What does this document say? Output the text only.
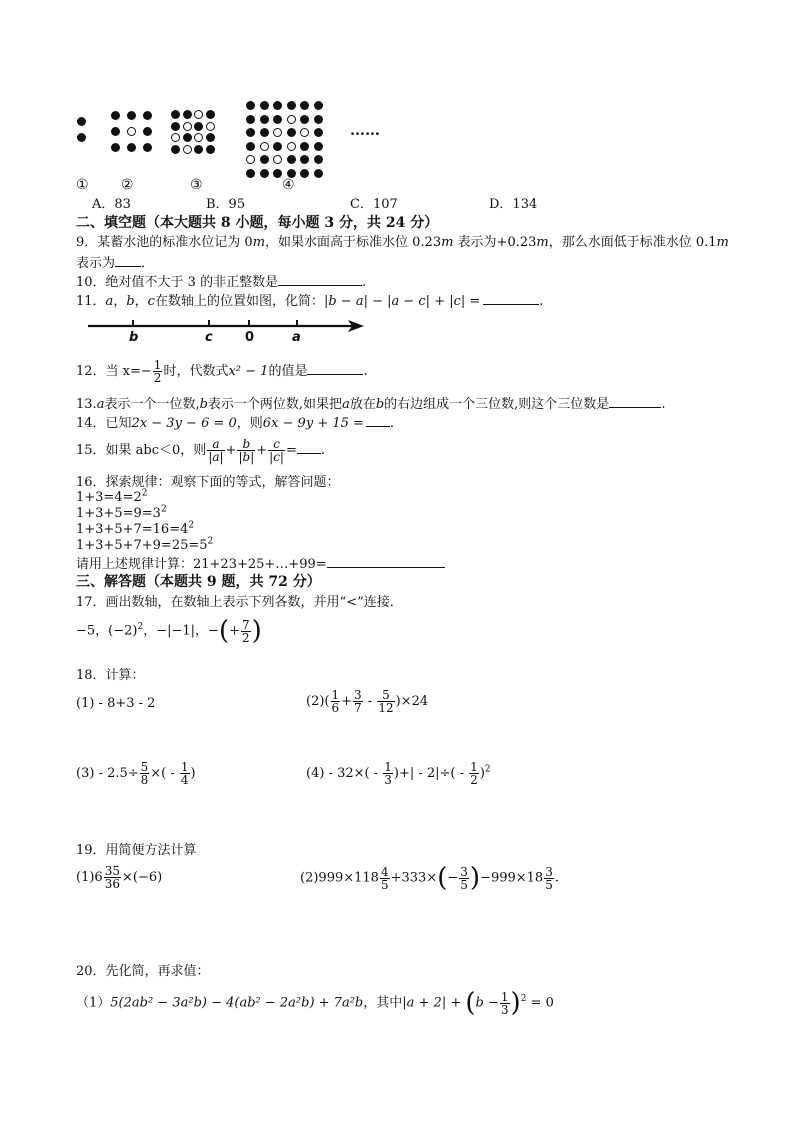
……
① ②	③	④
A．83	B．95	C．107	D．134
二、填空题（本大题共 8 小题，每小题 3 分，共 24 分）
9．某蓄水池的标准水位记为 0m，如果水面高于标准水位 0.23m 表示为+0.23m，那么水面低于标准水位 0.1m
表示为 ．
10．绝对值不大于 3 的非正整数是	.
11．a，b，c在数轴上的位置如图，化简：|b − a| − |a − c| + |c| =	.
b	c 0	a
12．当 $x=- \frac{1}{2}$ 时，代数式x² − 1的值是	.
13.a表示一个一位数,b表示一个两位数,如果把a放在b的右边组成一个三位数,则这个三位数是	.
14．已知2x − 3y − 6 = 0，则6x − 9y + 15 = .
15．如果 abc＜0，则 $\frac{a}{|a|} + \frac{b}{|b|} + \frac{c}{|c|}$ = .
16．探索规律：观察下面的等式，解答问题：
$1+3=4=2^2$
$1+3+5=9=3^2$
$1+3+5+7=16=4^2$
$1+3+5+7+9=25=5^2$
请用上述规律计算：21+23+25+…+99=
三、解答题（本题共 9 题，共 72 分）
17．画出数轴，在数轴上表示下列各数，并用“<”连接．
−5，$(-2)^2$，−|−1|，−(+ $\frac{7}{2}$ )
18．计算：
(1) - 8+3 - 2	$(2)( \frac{1}{6} + \frac{3}{7} - \frac{5}{12} )\times 24$
$(3) - 2.5\div \frac{5}{8}$ ×( - $\frac{1}{4}$ )	$(4) - 32\times( - \frac{1}{3}$ )+| - $2|\div( - \frac{1}{2} )^2$
19．用简便方法计算
$(1)6 \frac{35}{36} \times(-6)$	$(2)999\times 118 \frac{4}{5} +333\times(- \frac{3}{5} )-999\times 18 \frac{3}{5}$ .
20．先化简，再求值：
（1）5(2ab² − 3a²b) − 4(ab² − 2a²b) + 7a²b，其中$|a + 2| + (b - \frac{1}{3} )^2 = 0$
